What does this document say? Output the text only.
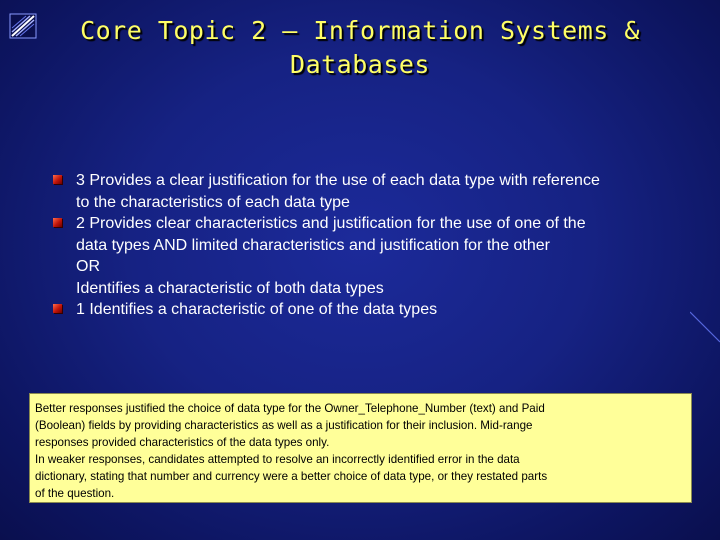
Core Topic 2 – Information Systems &
Databases
3 Provides a clear justification for the use of each data type with reference
to the characteristics of each data type
2 Provides clear characteristics and justification for the use of one of the
data types AND limited characteristics and justification for the other
OR
Identifies a characteristic of both data types
1 Identifies a characteristic of one of the data types
Better responses justified the choice of data type for the Owner_Telephone_Number (text) and Paid
(Boolean) fields by providing characteristics as well as a justification for their inclusion. Mid-range
responses provided characteristics of the data types only.
In weaker responses, candidates attempted to resolve an incorrectly identified error in the data
dictionary, stating that number and currency were a better choice of data type, or they restated parts
of the question.
